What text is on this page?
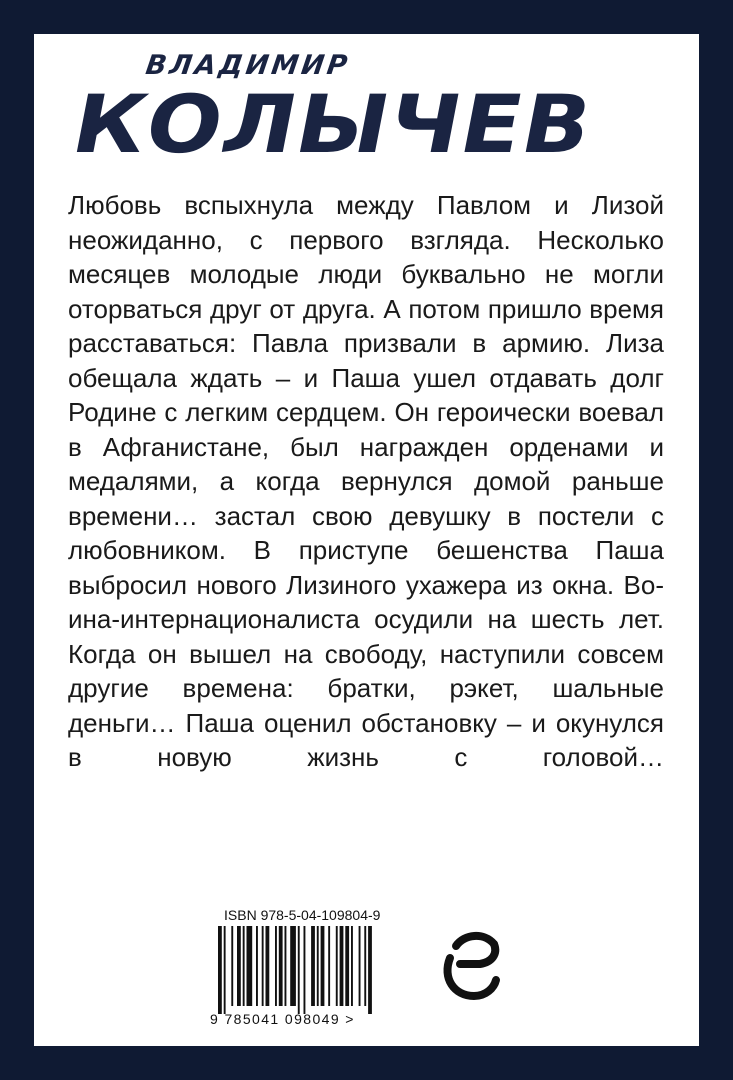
ВЛАДИМИР
КОЛЫЧЕВ

Любовь вспыхнула между Павлом и Лизой неожиданно, с первого взгляда. Несколько месяцев молодые люди буквально не могли оторваться друг от друга. А потом пришло время расставаться: Павла призвали в армию. Лиза обещала ждать – и Паша ушел отдавать долг Родине с легким сердцем. Он героически воевал в Афганистане, был награжден орденами и медалями, а когда вернулся домой раньше времени… застал свою девушку в постели с любовником. В приступе бешенства Паша выбросил нового Лизиного ухажера из окна. Воина-интернационалиста осудили на шесть лет. Когда он вышел на свободу, наступили совсем другие времена: братки, рэкет, шальные деньги… Паша оценил обстановку – и окунулся в новую жизнь с головой…

ISBN 978-5-04-109804-9
9 785041 098049 >
